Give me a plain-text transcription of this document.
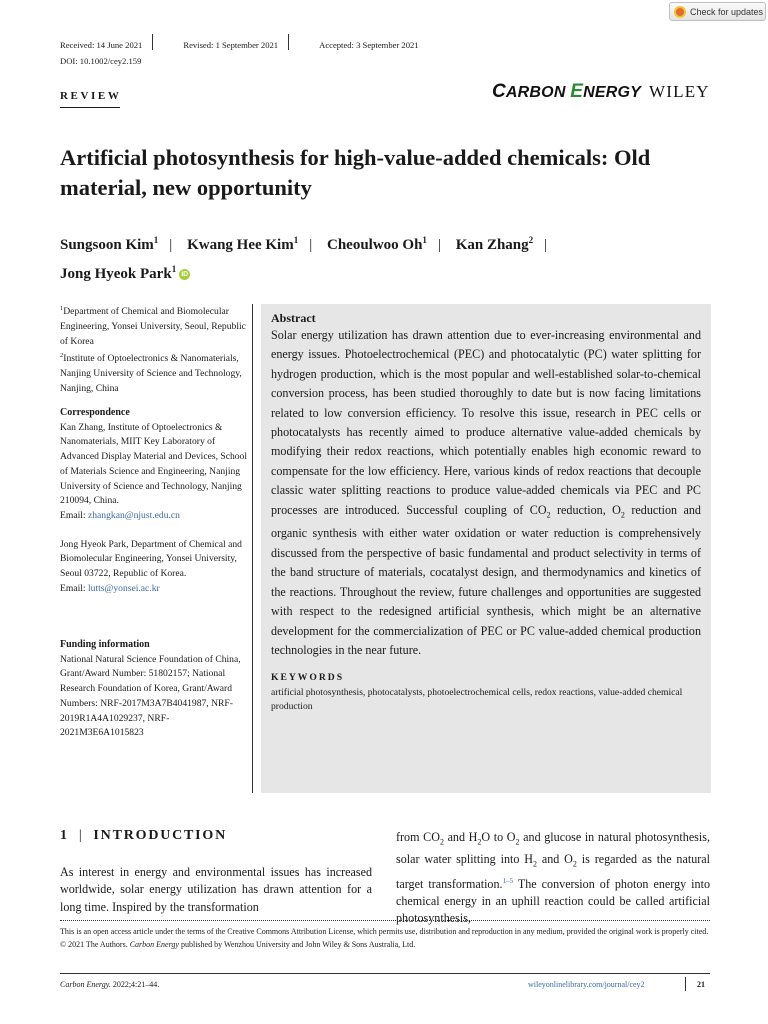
Received: 14 June 2021	Revised: 1 September 2021	Accepted: 3 September 2021
DOI: 10.1002/cey2.159
Check for updates
REVIEW	CARBON ENERGY WILEY
Artificial photosynthesis for high-value-added chemicals: Old material, new opportunity
Sungsoon Kim$^1$ | Kwang Hee Kim$^1$ | Cheoulwoo Oh$^1$ | Kan Zhang$^2$ |
Jong Hyeok Park$^1$iD
$^1$Department of Chemical and Biomolecular Engineering, Yonsei University, Seoul, Republic of Korea
$^2$Institute of Optoelectronics & Nanomaterials, Nanjing University of Science and Technology, Nanjing, China
Correspondence
Kan Zhang, Institute of Optoelectronics & Nanomaterials, MIIT Key Laboratory of Advanced Display Material and Devices, School of Materials Science and Engineering, Nanjing University of Science and Technology, Nanjing 210094, China.
Email: zhangkan@njust.edu.cn
Jong Hyeok Park, Department of Chemical and Biomolecular Engineering, Yonsei University, Seoul 03722, Republic of Korea.
Email: lutts@yonsei.ac.kr
Funding information
National Natural Science Foundation of China, Grant/Award Number: 51802157; National Research Foundation of Korea, Grant/Award Numbers: NRF-2017M3A7B4041987, NRF-2019R1A4A1029237, NRF-2021M3E6A1015823
Abstract

Solar energy utilization has drawn attention due to ever-increasing environmental and energy issues. Photoelectrochemical (PEC) and photocatalytic (PC) water splitting for hydrogen production, which is the most popular and well-established solar-to-chemical conversion process, has been studied thoroughly to date but is now facing limitations related to low conversion efficiency. To resolve this issue, research in PEC cells or photocatalysts has recently aimed to produce alternative value-added chemicals by modifying their redox reactions, which potentially enables high economic reward to compensate for the low efficiency. Here, various kinds of redox reactions that decouple classic water splitting reactions to produce value-added chemicals via PEC and PC processes are introduced. Successful coupling of $CO_2$ reduction, $O_2$ reduction and organic synthesis with either water oxidation or water reduction is comprehensively discussed from the perspective of basic fundamental and product selectivity in terms of the band structure of materials, cocatalyst design, and thermodynamics and kinetics of the reactions. Throughout the review, future challenges and opportunities are suggested with respect to the redesigned artificial synthesis, which might be an alternative development for the commercialization of PEC or PC value-added chemical production technologies in the near future.

KEYWORDS
artificial photosynthesis, photocatalysts, photoelectrochemical cells, redox reactions, value-added chemical production
1 | INTRODUCTION
As interest in energy and environmental issues has increased worldwide, solar energy utilization has drawn attention for a long time. Inspired by the transformation
from $CO_2$ and $H_2O$ to $O_2$ and glucose in natural photosynthesis, solar water splitting into $H_2$ and $O_2$ is regarded as the natural target transformation.$^{1-5}$ The conversion of photon energy into chemical energy in an uphill reaction could be called artificial photosynthesis,
This is an open access article under the terms of the Creative Commons Attribution License, which permits use, distribution and reproduction in any medium, provided the original work is properly cited.
© 2021 The Authors. Carbon Energy published by Wenzhou University and John Wiley & Sons Australia, Ltd.
Carbon Energy. 2022;4:21–44.	wileyonlinelibrary.com/journal/cey2	21
